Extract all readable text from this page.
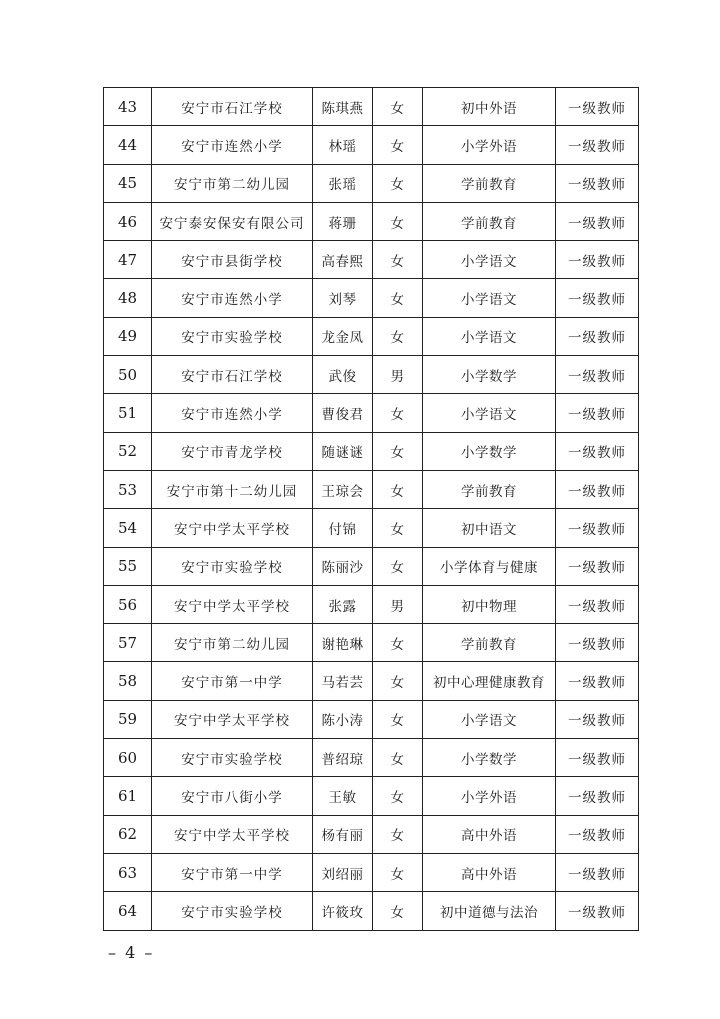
43	安宁市石江学校	陈琪燕	女	初中外语	一级教师
44	安宁市连然小学	林瑶	女	小学外语	一级教师
45	安宁市第二幼儿园	张瑶	女	学前教育	一级教师
46	安宁泰安保安有限公司	蒋珊	女	学前教育	一级教师
47	安宁市县街学校	高春熙	女	小学语文	一级教师
48	安宁市连然小学	刘琴	女	小学语文	一级教师
49	安宁市实验学校	龙金凤	女	小学语文	一级教师
50	安宁市石江学校	武俊	男	小学数学	一级教师
51	安宁市连然小学	曹俊君	女	小学语文	一级教师
52	安宁市青龙学校	随谜谜	女	小学数学	一级教师
53	安宁市第十二幼儿园	王琼会	女	学前教育	一级教师
54	安宁中学太平学校	付锦	女	初中语文	一级教师
55	安宁市实验学校	陈丽沙	女	小学体育与健康	一级教师
56	安宁中学太平学校	张露	男	初中物理	一级教师
57	安宁市第二幼儿园	谢艳琳	女	学前教育	一级教师
58	安宁市第一中学	马若芸	女	初中心理健康教育	一级教师
59	安宁中学太平学校	陈小涛	女	小学语文	一级教师
60	安宁市实验学校	普绍琼	女	小学数学	一级教师
61	安宁市八街小学	王敏	女	小学外语	一级教师
62	安宁中学太平学校	杨有丽	女	高中外语	一级教师
63	安宁市第一中学	刘绍丽	女	高中外语	一级教师
64	安宁市实验学校	许筱玫	女	初中道德与法治	一级教师
– 4 –
